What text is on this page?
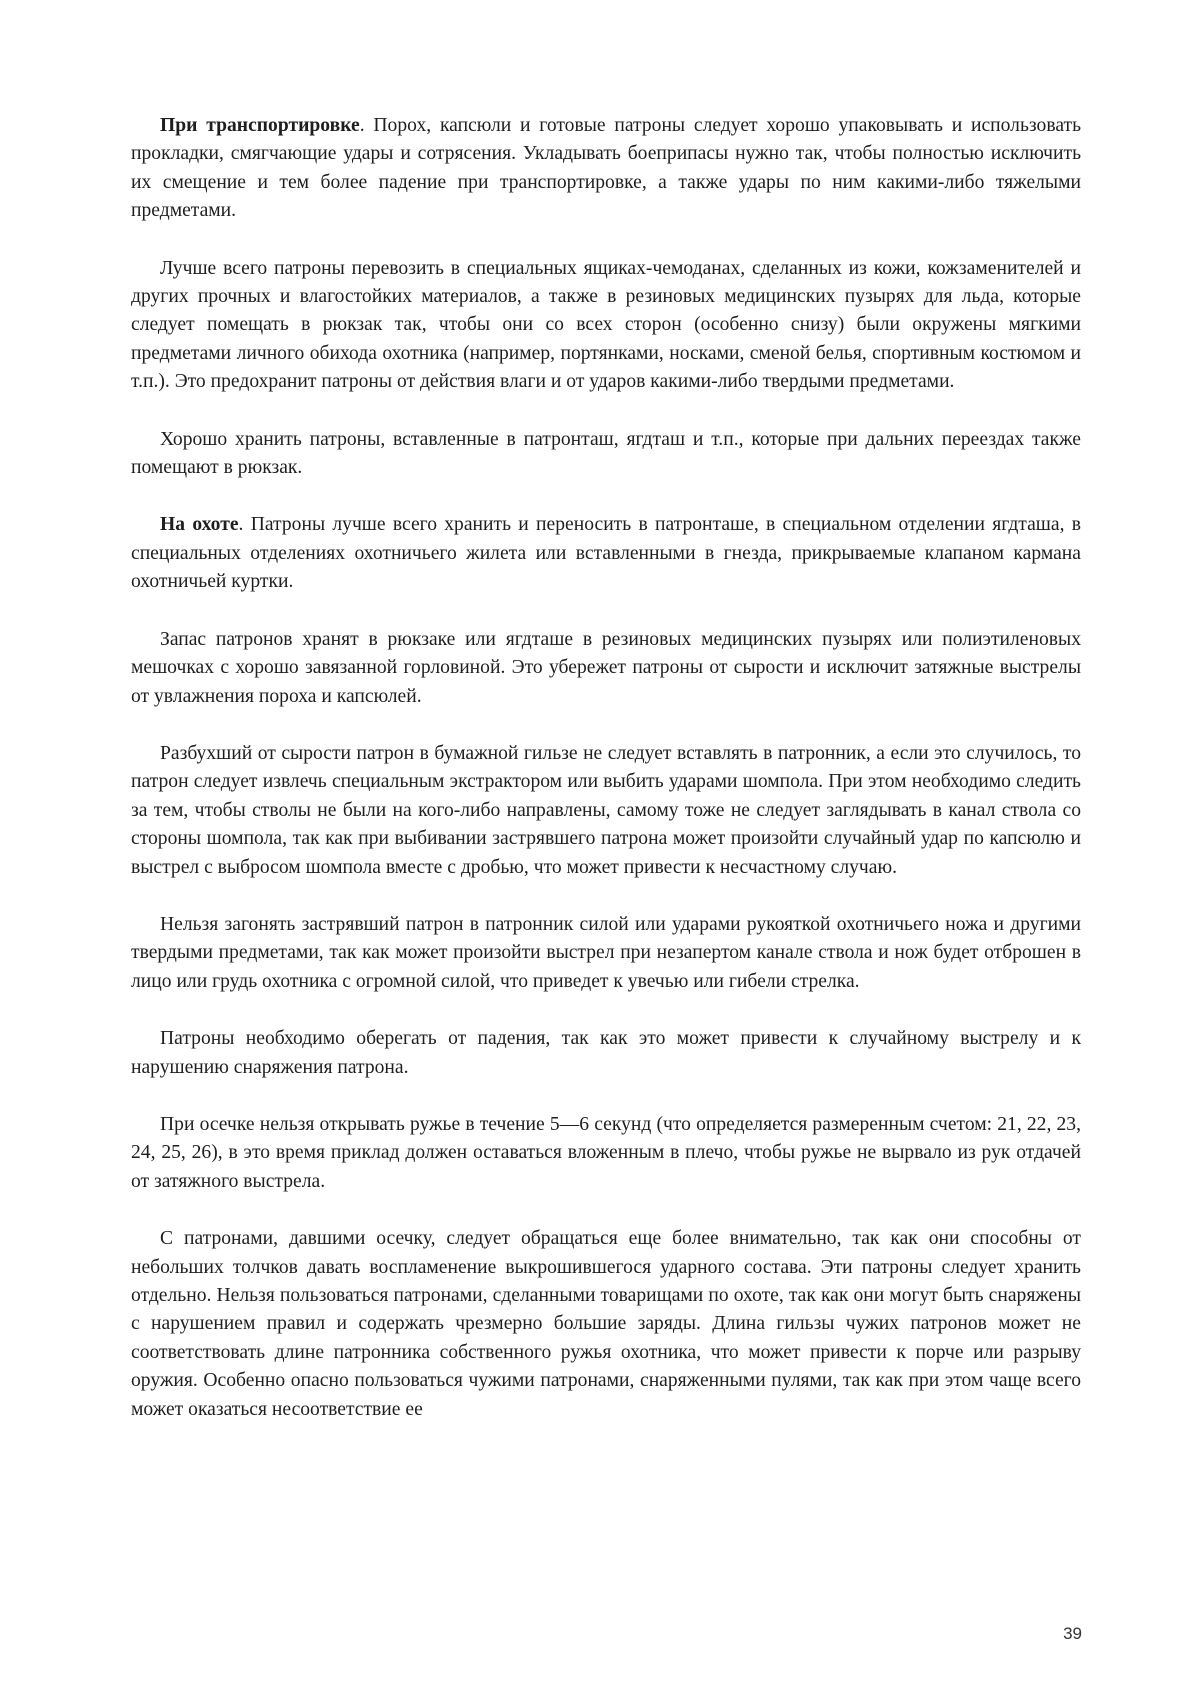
При транспортировке. Порох, капсюли и готовые патроны следует хорошо упаковывать и использовать прокладки, смягчающие удары и сотрясения. Укладывать боеприпасы нужно так, чтобы полностью исключить их смещение и тем более падение при транспортировке, а также удары по ним какими-либо тяжелыми предметами.

Лучше всего патроны перевозить в специальных ящиках-чемоданах, сделанных из кожи, кожзаменителей и других прочных и влагостойких материалов, а также в резиновых медицинских пузырях для льда, которые следует помещать в рюкзак так, чтобы они со всех сторон (особенно снизу) были окружены мягкими предметами личного обихода охотника (например, портянками, носками, сменой белья, спортивным костюмом и т.п.). Это предохранит патроны от действия влаги и от ударов какими-либо твердыми предметами.

Хорошо хранить патроны, вставленные в патронташ, ягдташ и т.п., которые при дальних переездах также помещают в рюкзак.

На охоте. Патроны лучше всего хранить и переносить в патронташе, в специальном отделении ягдташа, в специальных отделениях охотничьего жилета или вставленными в гнезда, прикрываемые клапаном кармана охотничьей куртки.

Запас патронов хранят в рюкзаке или ягдташе в резиновых медицинских пузырях или полиэтиленовых мешочках с хорошо завязанной горловиной. Это убережет патроны от сырости и исключит затяжные выстрелы от увлажнения пороха и капсюлей.

Разбухший от сырости патрон в бумажной гильзе не следует вставлять в патронник, а если это случилось, то патрон следует извлечь специальным экстрактором или выбить ударами шомпола. При этом необходимо следить за тем, чтобы стволы не были на кого-либо направлены, самому тоже не следует заглядывать в канал ствола со стороны шомпола, так как при выбивании застрявшего патрона может произойти случайный удар по капсюлю и выстрел с выбросом шомпола вместе с дробью, что может привести к несчастному случаю.

Нельзя загонять застрявший патрон в патронник силой или ударами рукояткой охотничьего ножа и другими твердыми предметами, так как может произойти выстрел при незапертом канале ствола и нож будет отброшен в лицо или грудь охотника с огромной силой, что приведет к увечью или гибели стрелка.

Патроны необходимо оберегать от падения, так как это может привести к случайному выстрелу и к нарушению снаряжения патрона.

При осечке нельзя открывать ружье в течение 5—6 секунд (что определяется размеренным счетом: 21, 22, 23, 24, 25, 26), в это время приклад должен оставаться вложенным в плечо, чтобы ружье не вырвало из рук отдачей от затяжного выстрела.

С патронами, давшими осечку, следует обращаться еще более внимательно, так как они способны от небольших толчков давать воспламенение выкрошившегося ударного состава. Эти патроны следует хранить отдельно. Нельзя пользоваться патронами, сделанными товарищами по охоте, так как они могут быть снаряжены с нарушением правил и содержать чрезмерно большие заряды. Длина гильзы чужих патронов может не соответствовать длине патронника собственного ружья охотника, что может привести к порче или разрыву оружия. Особенно опасно пользоваться чужими патронами, снаряженными пулями, так как при этом чаще всего может оказаться несоответствие ее

39
